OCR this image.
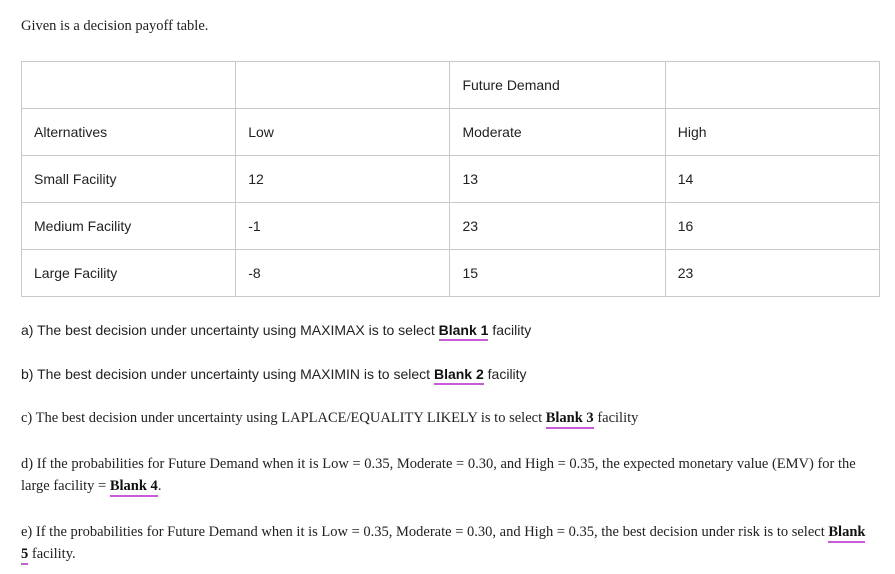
Given is a decision payoff table.
		Future Demand	
Alternatives	Low	Moderate	High
Small Facility	12	13	14
Medium Facility	-1	23	16
Large Facility	-8	15	23
a) The best decision under uncertainty using MAXIMAX is to select Blank 1 facility
b) The best decision under uncertainty using MAXIMIN is to select Blank 2 facility
c) The best decision under uncertainty using LAPLACE/EQUALITY LIKELY is to select Blank 3 facility
d) If the probabilities for Future Demand when it is Low = 0.35, Moderate = 0.30, and High = 0.35, the expected monetary value (EMV) for the large facility = Blank 4.
e) If the probabilities for Future Demand when it is Low = 0.35, Moderate = 0.30, and High = 0.35, the best decision under risk is to select Blank 5 facility.
